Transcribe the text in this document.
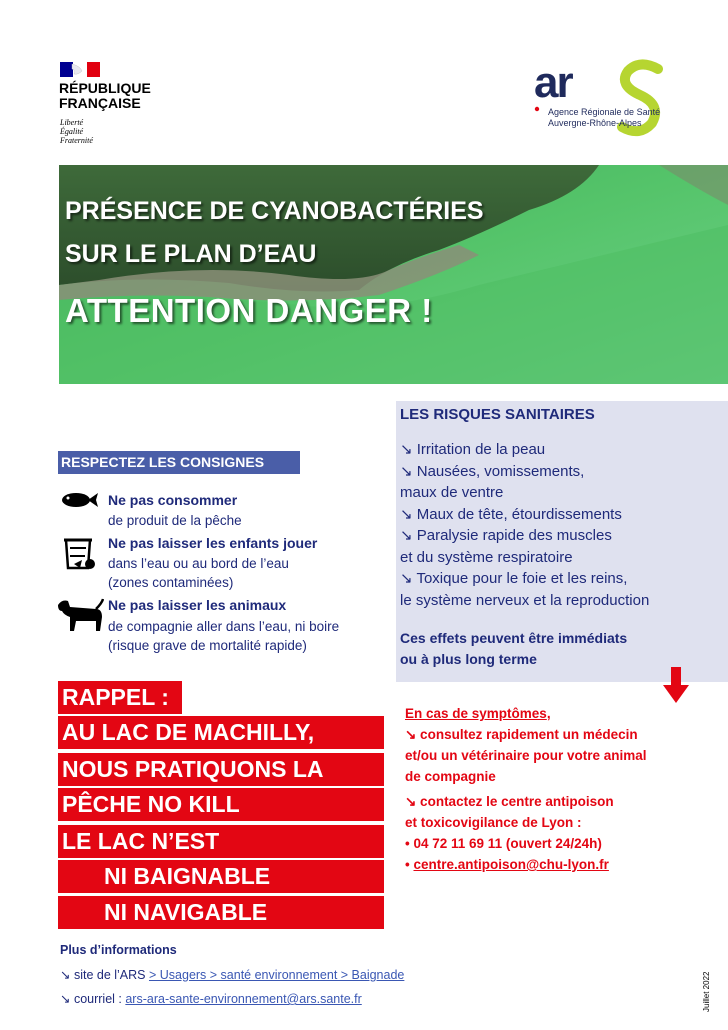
RÉPUBLIQUE
FRANÇAISE
Liberté
Égalité
Fraternité
ar
Agence Régionale de Santé
Auvergne-Rhône-Alpes
PRÉSENCE DE CYANOBACTÉRIES
SUR LE PLAN D’EAU
ATTENTION DANGER !
LES RISQUES SANITAIRES
↘ Irritation de la peau
↘ Nausées, vomissements,
maux de ventre
↘ Maux de tête, étourdissements
↘ Paralysie rapide des muscles
et du système respiratoire
↘ Toxique pour le foie et les reins,
le système nerveux et la reproduction
Ces effets peuvent être immédiats
ou à plus long terme
RESPECTEZ LES CONSIGNES
Ne pas consommer
de produit de la pêche
Ne pas laisser les enfants jouer
dans l’eau ou au bord de l’eau
(zones contaminées)
Ne pas laisser les animaux
de compagnie aller dans l’eau, ni boire
(risque grave de mortalité rapide)
RAPPEL :
AU LAC DE MACHILLY,
NOUS PRATIQUONS LA
PÊCHE NO KILL
LE LAC N’EST
NI BAIGNABLE
NI NAVIGABLE
En cas de symptômes,
↘ consultez rapidement un médecin
et/ou un vétérinaire pour votre animal
de compagnie
↘ contactez le centre antipoison
et toxicovigilance de Lyon :
• 04 72 11 69 11 (ouvert 24/24h)
• centre.antipoison@chu-lyon.fr
Plus d’informations
↘ site de l’ARS > Usagers > santé environnement > Baignade
↘ courriel : ars-ara-sante-environnement@ars.sante.fr	Juillet 2022
